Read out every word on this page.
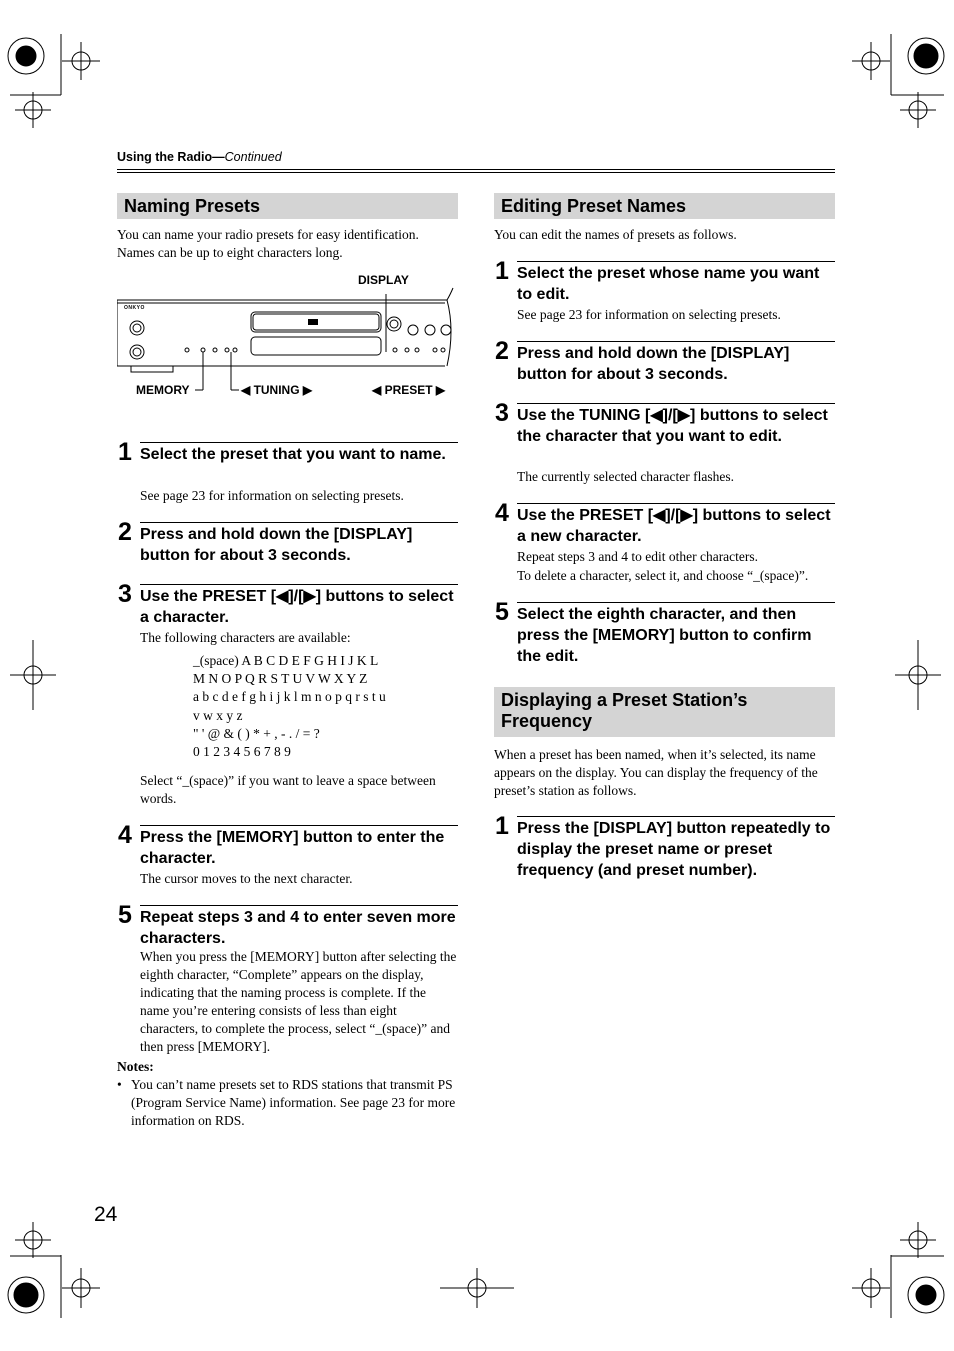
Using the Radio—Continued
Naming Presets
You can name your radio presets for easy identification. Names can be up to eight characters long.
DISPLAY
ONKYO
MEMORY	◀ TUNING ▶	◀ PRESET ▶
1 Select the preset that you want to name.
See page 23 for information on selecting presets.
2 Press and hold down the [DISPLAY] button for about 3 seconds.
3 Use the PRESET [◀]/[▶] buttons to select a character.
The following characters are available:
_(space) A B C D E F G H I J K L
M N O P Q R S T U V W X Y Z
a b c d e f g h i j k l m n o p q r s t u
v w x y z
" ' @ & ( ) * + , - . / = ?
0 1 2 3 4 5 6 7 8 9
Select “_(space)” if you want to leave a space between words.
4 Press the [MEMORY] button to enter the character.
The cursor moves to the next character.
5 Repeat steps 3 and 4 to enter seven more characters.
When you press the [MEMORY] button after selecting the eighth character, “Complete” appears on the display, indicating that the naming process is complete. If the name you’re entering consists of less than eight characters, to complete the process, select “_(space)” and then press [MEMORY].
Notes:
• You can’t name presets set to RDS stations that transmit PS (Program Service Name) information. See page 23 for more information on RDS.
Editing Preset Names
You can edit the names of presets as follows.
1 Select the preset whose name you want to edit.
See page 23 for information on selecting presets.
2 Press and hold down the [DISPLAY] button for about 3 seconds.
3 Use the TUNING [◀]/[▶] buttons to select the character that you want to edit.
The currently selected character flashes.
4 Use the PRESET [◀]/[▶] buttons to select a new character.
Repeat steps 3 and 4 to edit other characters.
To delete a character, select it, and choose “_(space)”.
5 Select the eighth character, and then press the [MEMORY] button to confirm the edit.
Displaying a Preset Station’s Frequency
When a preset has been named, when it’s selected, its name appears on the display. You can display the frequency of the preset’s station as follows.
1 Press the [DISPLAY] button repeatedly to display the preset name or preset frequency (and preset number).
24
